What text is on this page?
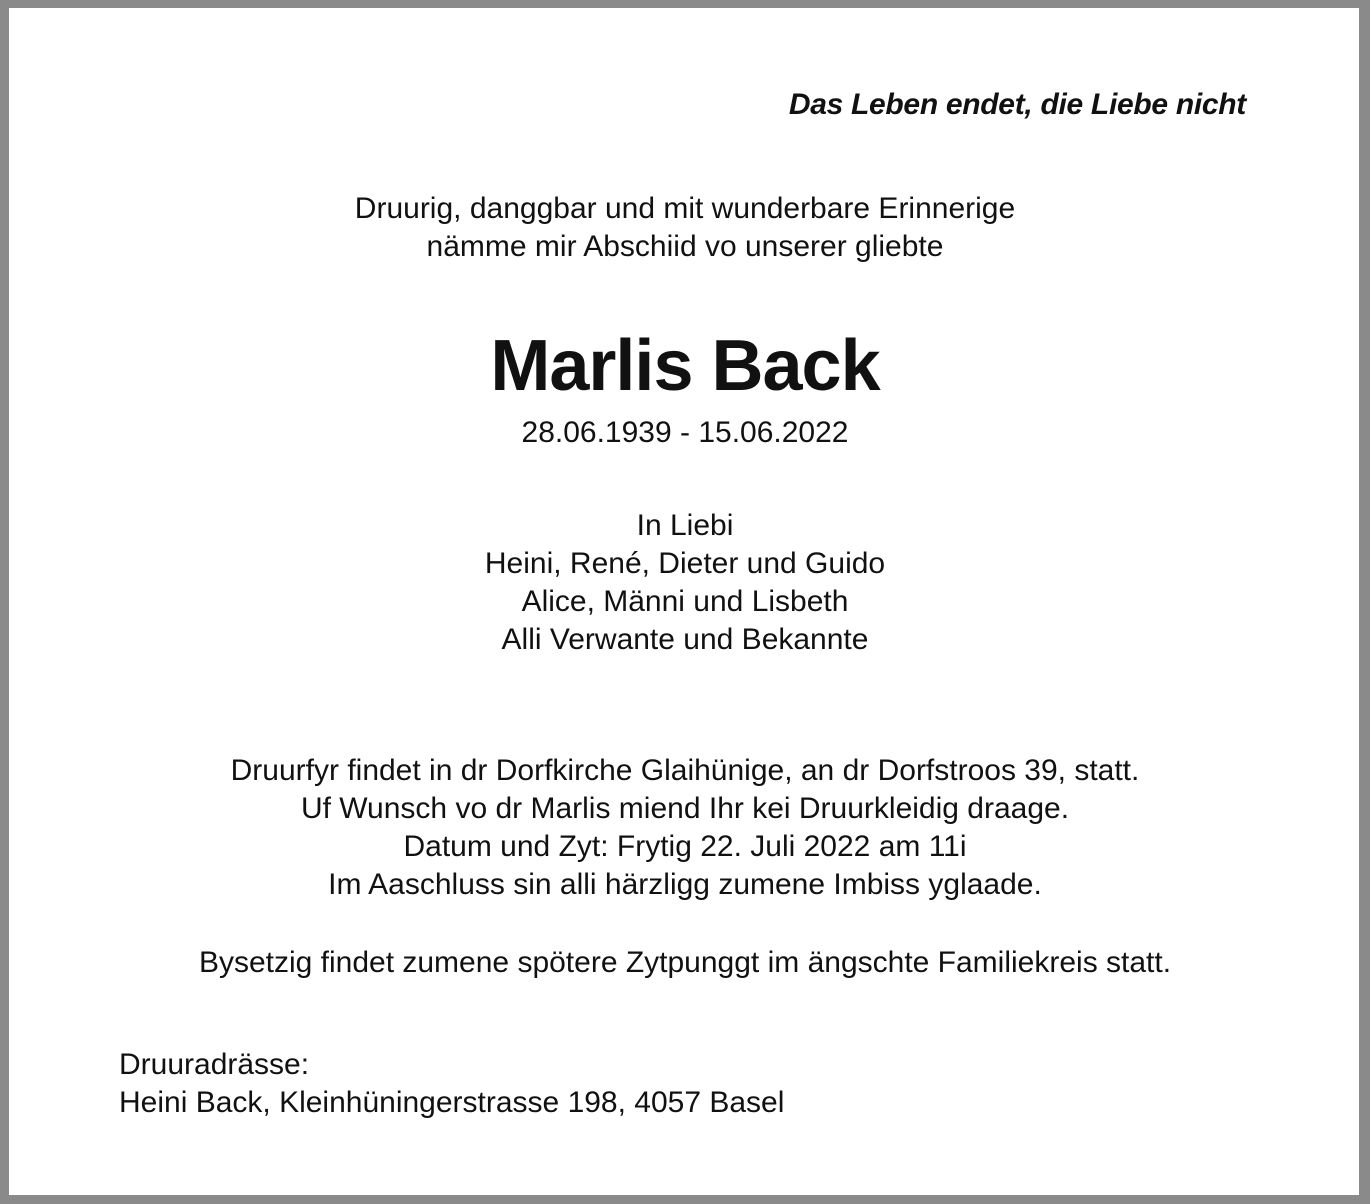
Das Leben endet, die Liebe nicht
Druurig, danggbar und mit wunderbare Erinnerige
nämme mir Abschiid vo unserer gliebte
Marlis Back
28.06.1939 - 15.06.2022
In Liebi
Heini, René, Dieter und Guido
Alice, Männi und Lisbeth
Alli Verwante und Bekannte
Druurfyr findet in dr Dorfkirche Glaihünige, an dr Dorfstroos 39, statt.
Uf Wunsch vo dr Marlis miend Ihr kei Druurkleidig draage.
Datum und Zyt: Frytig 22. Juli 2022 am 11i
Im Aaschluss sin alli härzligg zumene Imbiss yglaade.
Bysetzig findet zumene spötere Zytpunggt im ängschte Familiekreis statt.
Druuradrässe:
Heini Back, Kleinhüningerstrasse 198, 4057 Basel
